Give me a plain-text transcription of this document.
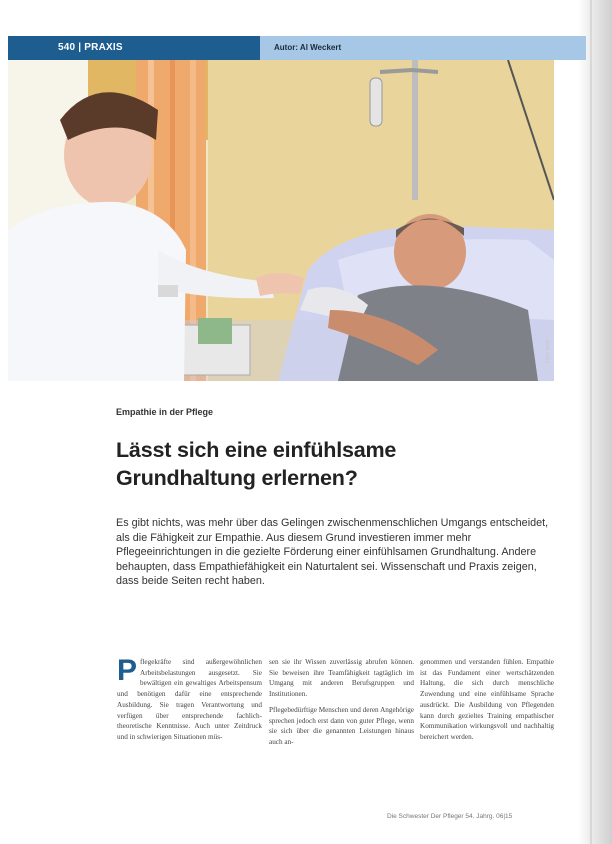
540 | PRAXIS	Autor: Al Weckert
Foto: pixel
Empathie in der Pflege
Lässt sich eine einfühlsame
Grundhaltung erlernen?
Es gibt nichts, was mehr über das Gelingen zwischenmenschlichen Umgangs entscheidet, als die Fähigkeit zur Empathie. Aus diesem Grund investieren immer mehr Pflegeeinrichtungen in die gezielte Förderung einer einfühlsamen Grundhaltung. Andere behaupten, dass Empathiefähigkeit ein Naturtalent sei. Wissenschaft und Praxis zeigen, dass beide Seiten recht haben.

Pflegekräfte sind außergewöhnlichen Arbeitsbelastungen ausgesetzt. Sie bewältigen ein gewaltiges Arbeitspensum und benötigen dafür eine entsprechende Ausbildung. Sie tragen Verantwortung und verfügen über entsprechende fachlich-theoretische Kenntnisse. Auch unter Zeitdruck und in schwierigen Situationen müs-

sen sie ihr Wissen zuverlässig abrufen können. Sie beweisen ihre Teamfähigkeit tagtäglich im Umgang mit anderen Berufsgruppen und Institutionen.

Pflegebedürftige Menschen und deren Angehörige sprechen jedoch erst dann von guter Pflege, wenn sie sich über die genannten Leistungen hinaus auch an-

genommen und verstanden fühlen. Empathie ist das Fundament einer wertschätzenden Haltung, die sich durch menschliche Zuwendung und eine einfühlsame Sprache ausdrückt. Die Ausbildung von Pflegenden kann durch gezieltes Training empathischer Kommunikation wirkungsvoll und nachhaltig bereichert werden.

Die Schwester Der Pfleger 54. Jahrg. 06|15
